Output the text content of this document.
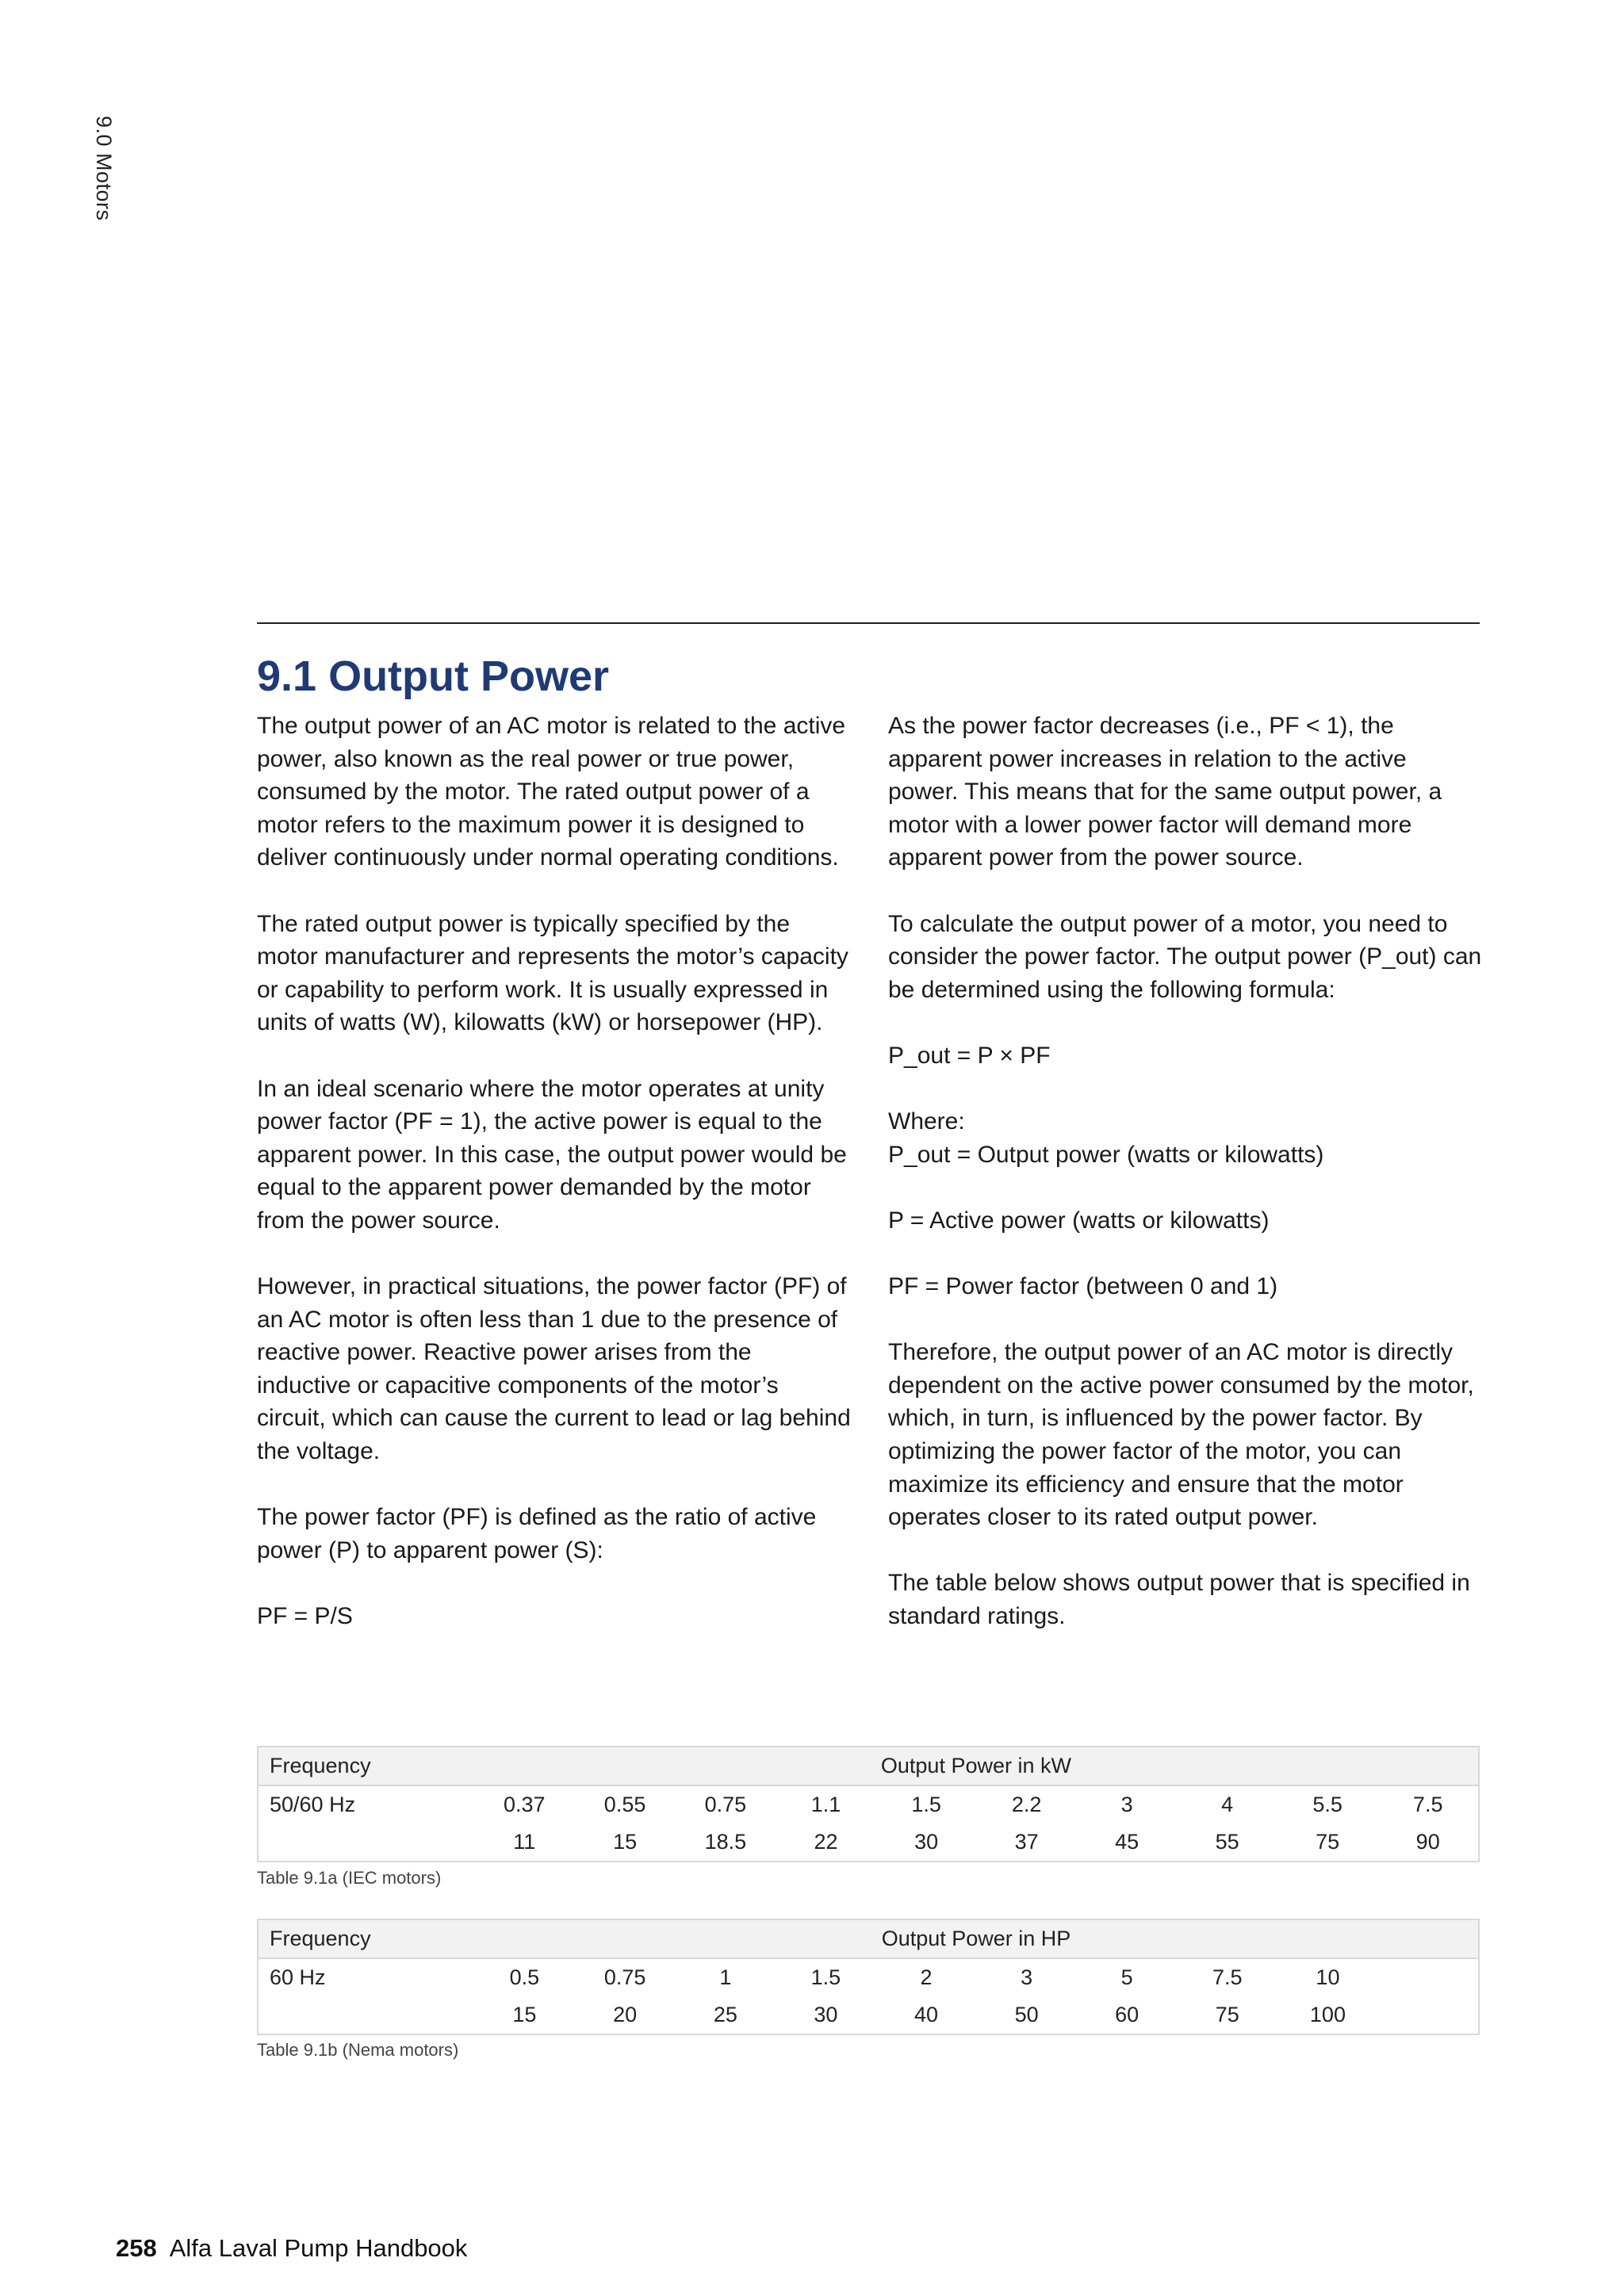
9.0 Motors
9.1 Output Power

The output power of an AC motor is related to the active power, also known as the real power or true power, consumed by the motor. The rated output power of a motor refers to the maximum power it is designed to deliver continuously under normal operating conditions.

The rated output power is typically specified by the motor manufacturer and represents the motor’s capacity or capability to perform work. It is usually expressed in units of watts (W), kilowatts (kW) or horsepower (HP).

In an ideal scenario where the motor operates at unity power factor (PF = 1), the active power is equal to the apparent power. In this case, the output power would be equal to the apparent power demanded by the motor from the power source.

However, in practical situations, the power factor (PF) of an AC motor is often less than 1 due to the presence of reactive power. Reactive power arises from the inductive or capacitive components of the motor’s circuit, which can cause the current to lead or lag behind the voltage.

The power factor (PF) is defined as the ratio of active power (P) to apparent power (S):

PF = P/S

As the power factor decreases (i.e., PF < 1), the apparent power increases in relation to the active power. This means that for the same output power, a motor with a lower power factor will demand more apparent power from the power source.

To calculate the output power of a motor, you need to consider the power factor. The output power (P_out) can be determined using the following formula:

P_out = P × PF

Where:

P_out = Output power (watts or kilowatts)

P = Active power (watts or kilowatts)

PF = Power factor (between 0 and 1)

Therefore, the output power of an AC motor is directly dependent on the active power consumed by the motor, which, in turn, is influenced by the power factor. By optimizing the power factor of the motor, you can maximize its efficiency and ensure that the motor operates closer to its rated output power.

The table below shows output power that is specified in standard ratings.

Frequency	Output Power in kW									
50/60 Hz	0.37	0.55	0.75	1.1	1.5	2.2	3	4	5.5	7.5
	11	15	18.5	22	30	37	45	55	75	90
Table 9.1a (IEC motors)
Frequency	Output Power in HP									
60 Hz	0.5	0.75	1	1.5	2	3	5	7.5	10	
	15	20	25	30	40	50	60	75	100	
Table 9.1b (Nema motors)
258 Alfa Laval Pump Handbook
